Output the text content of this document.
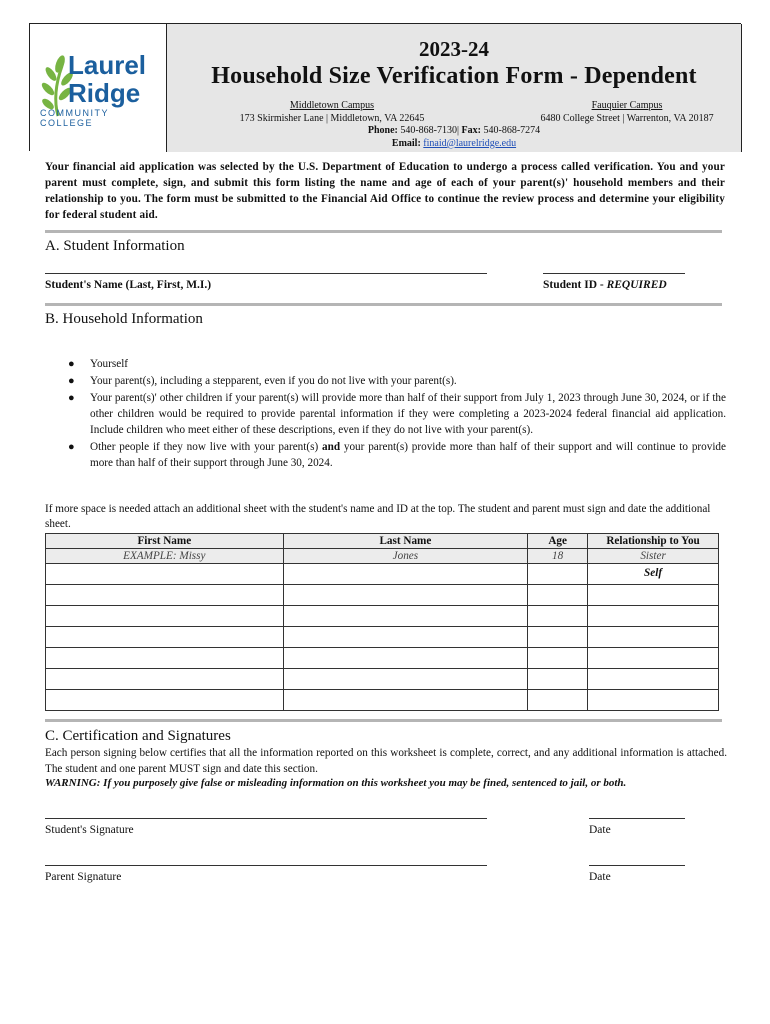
Laurel
Ridge
COMMUNITY
COLLEGE
2023-24
Household Size Verification Form - Dependent
Middletown Campus
173 Skirmisher Lane | Middletown, VA 22645
Fauquier Campus
6480 College Street | Warrenton, VA 20187
Phone: 540-868-7130| Fax: 540-868-7274
Email: finaid@laurelridge.edu
Your financial aid application was selected by the U.S. Department of Education to undergo a process called verification. You and your parent must complete, sign, and submit this form listing the name and age of each of your parent(s)' household members and their relationship to you. The form must be submitted to the Financial Aid Office to continue the review process and determine your eligibility for federal student aid.
A. Student Information
Student's Name (Last, First, M.I.)	Student ID - REQUIRED
B. Household Information
● Yourself
● Your parent(s), including a stepparent, even if you do not live with your parent(s).
● Your parent(s)' other children if your parent(s) will provide more than half of their support from July 1, 2023 through June 30, 2024, or if the other children would be required to provide parental information if they were completing a 2023-2024 federal financial aid application. Include children who meet either of these descriptions, even if they do not live with your parent(s).
● Other people if they now live with your parent(s) and your parent(s) provide more than half of their support and will continue to provide more than half of their support through June 30, 2024.
If more space is needed attach an additional sheet with the student's name and ID at the top. The student and parent must sign and date the additional sheet.
First Name	Last Name	Age	Relationship to You
EXAMPLE: Missy	Jones	18	Sister
			Self

C. Certification and Signatures
Each person signing below certifies that all the information reported on this worksheet is complete, correct, and any additional information is attached. The student and one parent MUST sign and date this section.
WARNING: If you purposely give false or misleading information on this worksheet you may be fined, sentenced to jail, or both.
Student's Signature	Date
Parent Signature	Date
